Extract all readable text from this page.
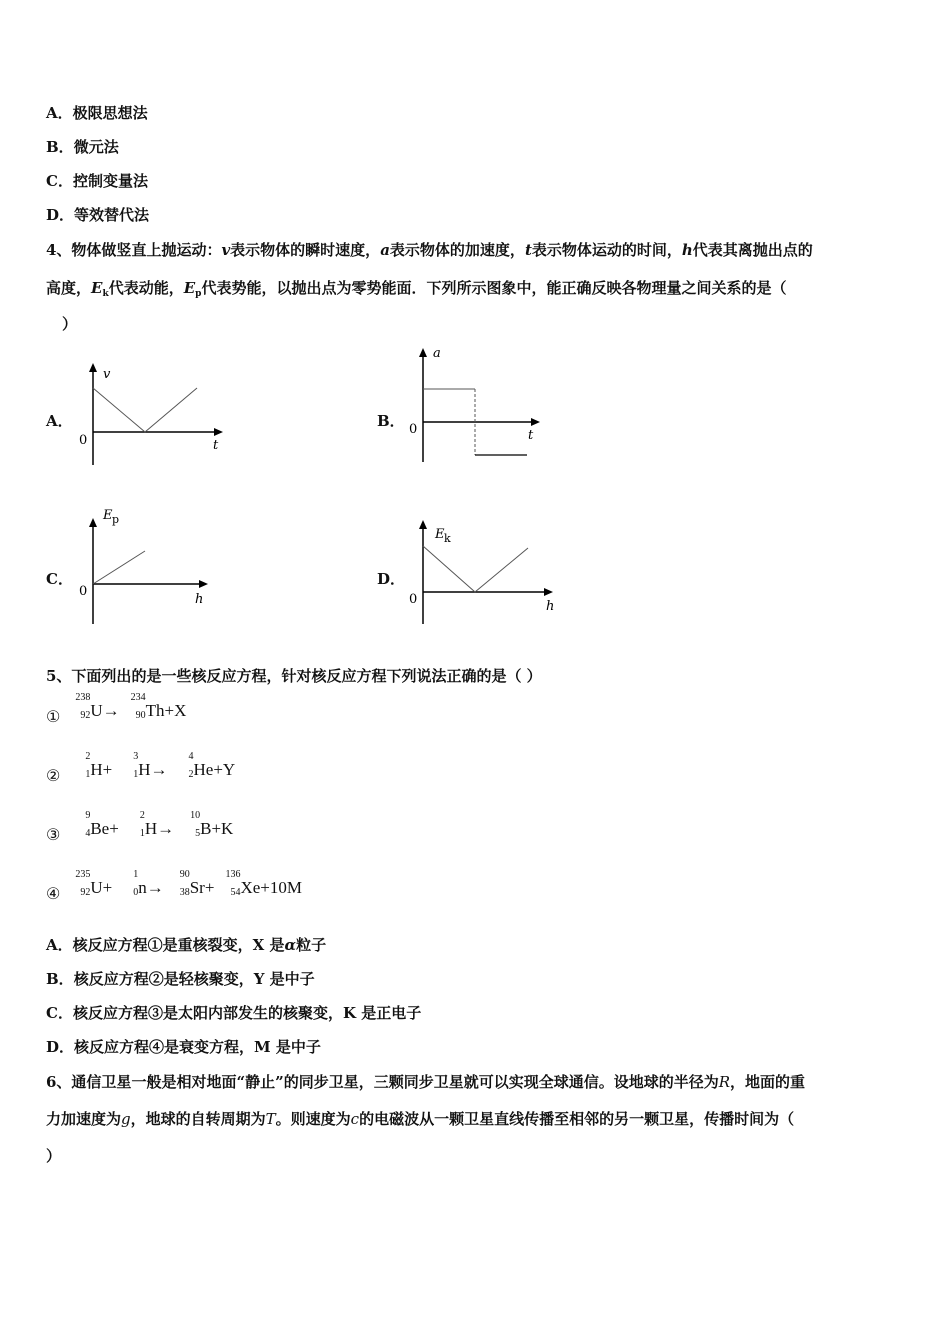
A．极限思想法
B．微元法
C．控制变量法
D．等效替代法
4、物体做竖直上抛运动：v表示物体的瞬时速度，a表示物体的加速度，t表示物体运动的时间，h代表其离抛出点的
高度，$E_k$代表动能，$E_p$代表势能，以抛出点为零势能面．下列所示图象中，能正确反映各物理量之间关系的是（
）
A．
v
t
0
B．
a
t
0
C．
E p
h
0
D．
E k
h
0
5、下面列出的是一些核反应方程，针对核反应方程下列说法正确的是（ ）
①
238
92 U→
234
90 Th+X
②
2
1 H+
3
1 H→
4
2 He+Y
③
9
4 Be+
2
1 H→
10
5 B+K
④
235
92 U+
1
0 n→
90
38 Sr+
136
54 Xe+10M
A．核反应方程①是重核裂变，X 是α粒子
B．核反应方程②是轻核聚变，Y 是中子
C．核反应方程③是太阳内部发生的核聚变，K 是正电子
D．核反应方程④是衰变方程，M 是中子
6、通信卫星一般是相对地面“静止”的同步卫星，三颗同步卫星就可以实现全球通信。设地球的半径为R，地面的重
力加速度为g，地球的自转周期为T。则速度为c的电磁波从一颗卫星直线传播至相邻的另一颗卫星，传播时间为（
）
